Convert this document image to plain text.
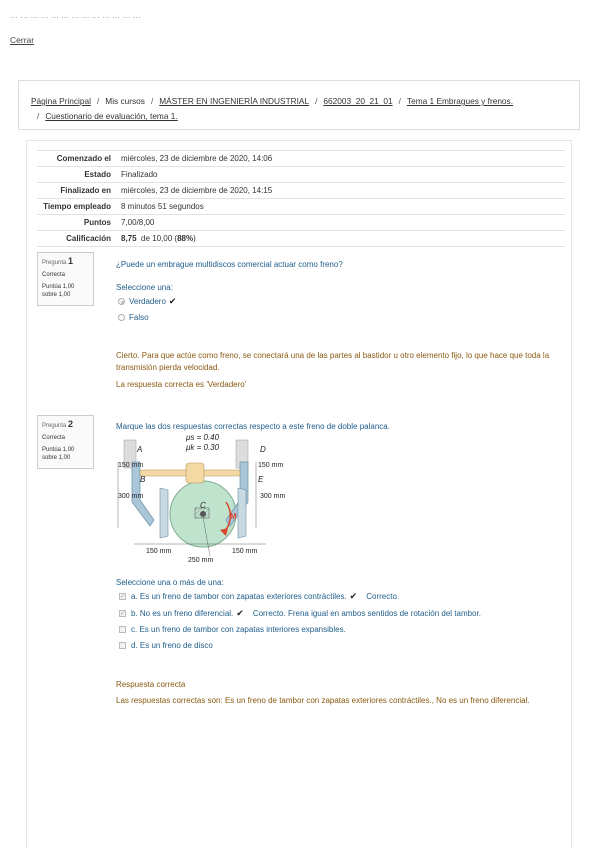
… … … … … … … … … … … … …
Cerrar
Página Principal / Mis cursos / MÁSTER EN INGENIERÍA INDUSTRIAL / 662003_20_21_01 / Tema 1 Embragues y frenos.
/ Cuestionario de evaluación, tema 1.
Comenzado el	miércoles, 23 de diciembre de 2020, 14:06
Estado	Finalizado
Finalizado en	miércoles, 23 de diciembre de 2020, 14:15
Tiempo empleado	8 minutos 51 segundos
Puntos	7,00/8,00
Calificación	8,75 de 10,00 (88%)
Pregunta 1
Correcta
Puntúa 1,00 sobre 1,00
¿Puede un embrague multidiscos comercial actuar como freno?
Seleccione una:
Verdadero ✔
Falso
Cierto. Para que actúe como freno, se conectará una de las partes al bastidor u otro elemento fijo, lo que hace que toda la transmisión pierda velocidad.
La respuesta correcta es 'Verdadero'
Pregunta 2
Correcta
Puntúa 1,00 sobre 1,00
Marque las dos respuestas correctas respecto a este freno de doble palanca.
μs = 0.40
μk = 0.30
A
B
C
D
E
M
150 mm	150 mm
300 mm	300 mm
150 mm	150 mm
250 mm
Seleccione una o más de una:
✓ a. Es un freno de tambor con zapatas exteriores contráctiles. ✔ Correcto.
✓ b. No es un freno diferencial. ✔ Correcto. Frena igual en ambos sentidos de rotación del tambor.
c. Es un freno de tambor con zapatas interiores expansibles.
d. Es un freno de disco
Respuesta correcta
Las respuestas correctas son: Es un freno de tambor con zapatas exteriores contráctiles., No es un freno diferencial.
